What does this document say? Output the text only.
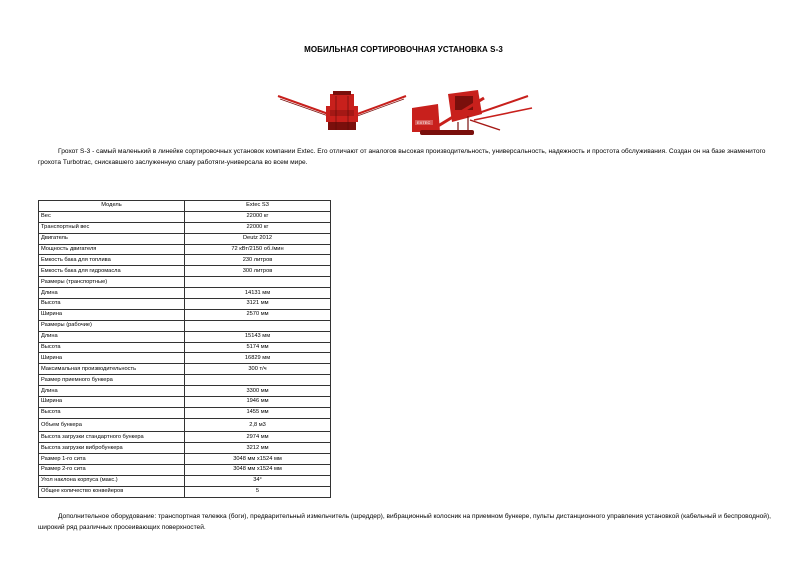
МОБИЛЬНАЯ СОРТИРОВОЧНАЯ УСТАНОВКА S-3
EXTEC

Грохот S-3 - самый маленький в линейке сортировочных установок компании Extec. Его отличают от аналогов высокая производительность, универсальность, надежность и простота обслуживания. Создан он на базе знаменитого грохота Turbotrac, снискавшего заслуженную славу работяги-универсала во всем мире.

Модель	Extec S3
Вес	22000 кг
Транспортный вес	22000 кг
Двигатель	Deutz 2012
Мощность двигателя	72 кВт/2150 об./мин
Емкость бака для топлива	230 литров
Емкость бака для гидромасла	300 литров
Размеры (транспортные)	
Длина	14131 мм
Высота	3121 мм
Ширина	2570 мм
Размеры (рабочие)	
Длина	15143 мм
Высота	5174 мм
Ширина	16829 мм
Максимальная производительность	300 т/ч
Размер приемного бункера	
Длина	3300 мм
Ширина	1946 мм
Высота	1455 мм
Объем бункера	2,8 м3
Высота загрузки стандартного бункера	2974 мм
Высота загрузки вибробункера	3212 мм
Размер 1-го сита	3048 мм х1524 мм
Размер 2-го сита	3048 мм х1524 мм
Угол наклона корпуса (макс.)	34°
Общее количество конвейеров	5

Дополнительное оборудование: транспортная тележка (боги), предварительный измельчитель (шреддер), вибрационный колосник на приемном бункере, пульты дистанционного управления установкой (кабельный и беспроводной), широкий ряд различных просеивающих поверхностей.
